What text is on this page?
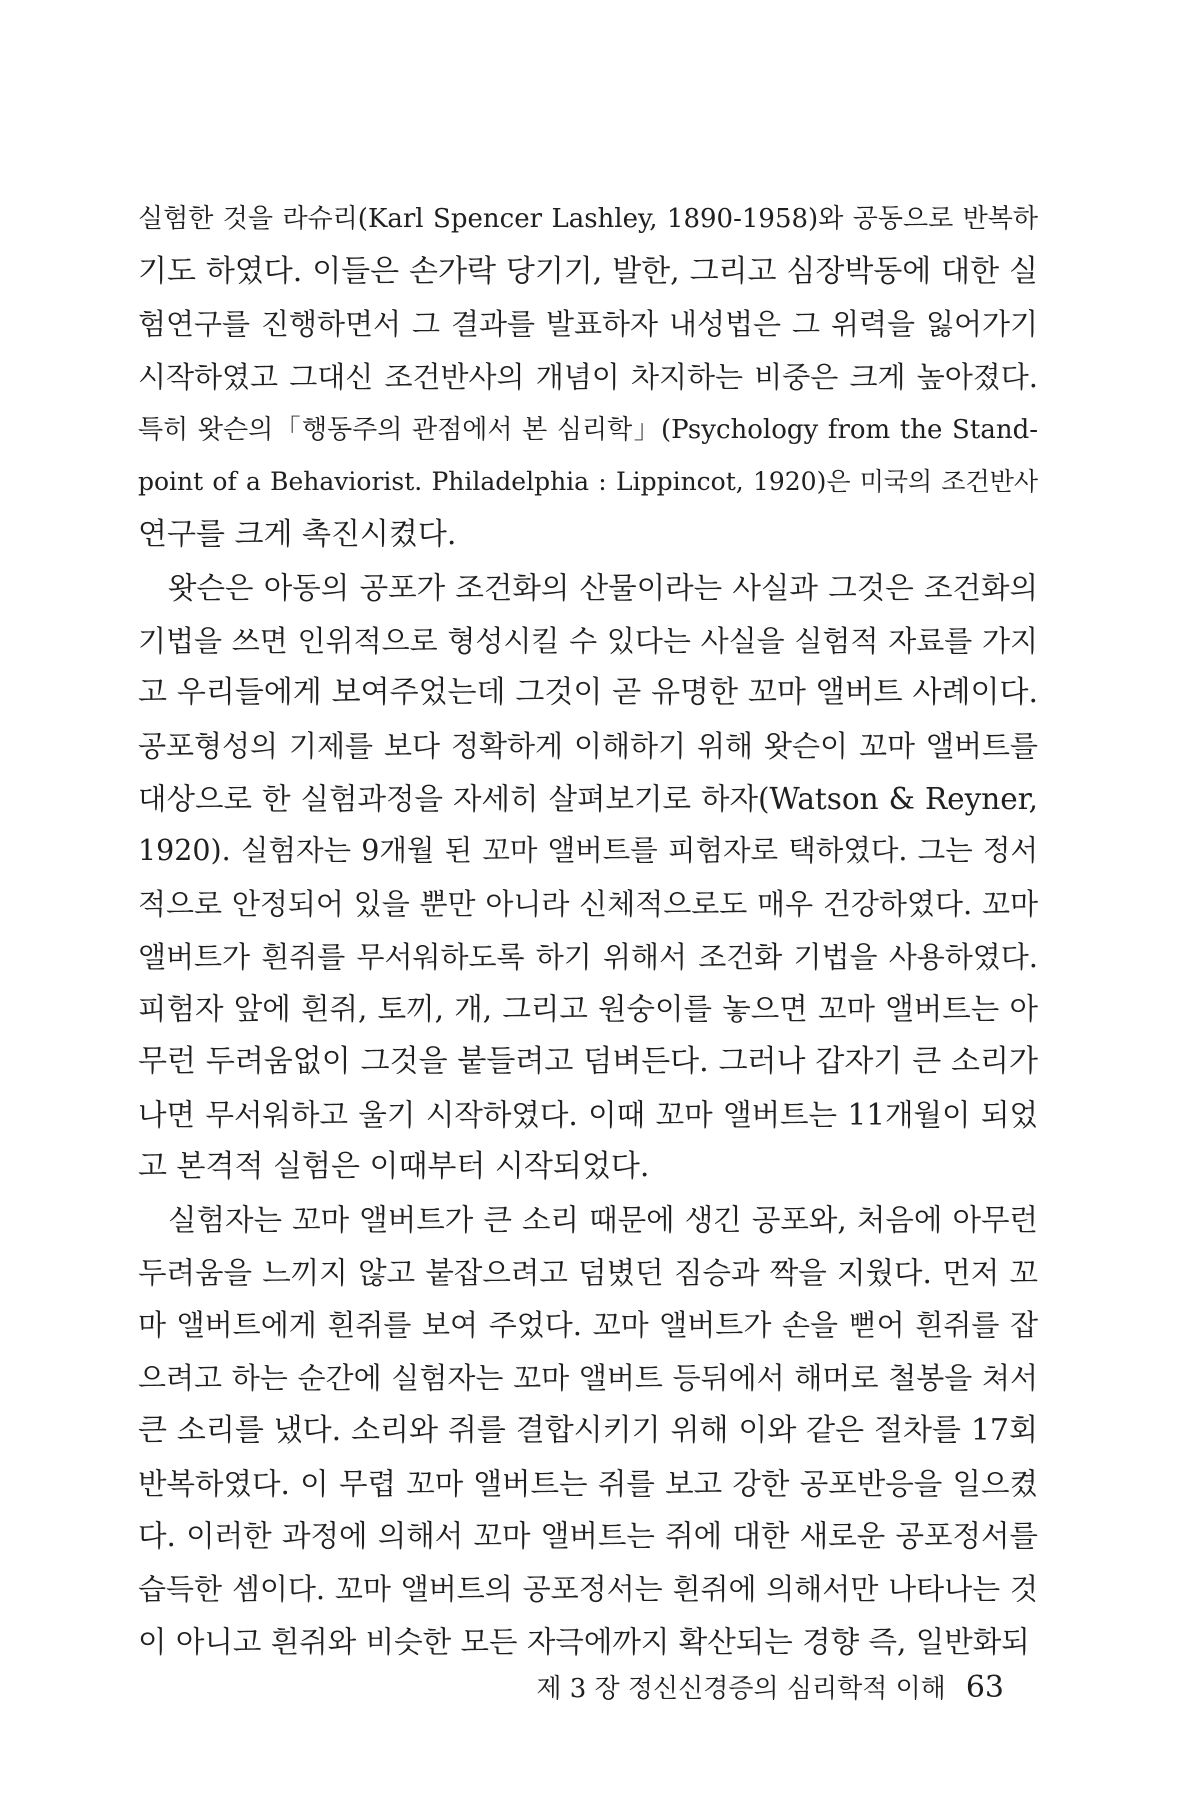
실험한 것을 라슈리(Karl Spencer Lashley, 1890-1958)와 공동으로 반복하
기도 하였다. 이들은 손가락 당기기, 발한, 그리고 심장박동에 대한 실
험연구를 진행하면서 그 결과를 발표하자 내성법은 그 위력을 잃어가기
시작하였고 그대신 조건반사의 개념이 차지하는 비중은 크게 높아졌다.
특히 왓슨의「행동주의 관점에서 본 심리학」(Psychology from the Stand-
point of a Behaviorist. Philadelphia : Lippincot, 1920)은 미국의 조건반사
연구를 크게 촉진시켰다.
왓슨은 아동의 공포가 조건화의 산물이라는 사실과 그것은 조건화의
기법을 쓰면 인위적으로 형성시킬 수 있다는 사실을 실험적 자료를 가지
고 우리들에게 보여주었는데 그것이 곧 유명한 꼬마 앨버트 사례이다.
공포형성의 기제를 보다 정확하게 이해하기 위해 왓슨이 꼬마 앨버트를
대상으로 한 실험과정을 자세히 살펴보기로 하자(Watson & Reyner,
1920). 실험자는 9개월 된 꼬마 앨버트를 피험자로 택하였다. 그는 정서
적으로 안정되어 있을 뿐만 아니라 신체적으로도 매우 건강하였다. 꼬마
앨버트가 흰쥐를 무서워하도록 하기 위해서 조건화 기법을 사용하였다.
피험자 앞에 흰쥐, 토끼, 개, 그리고 원숭이를 놓으면 꼬마 앨버트는 아
무런 두려움없이 그것을 붙들려고 덤벼든다. 그러나 갑자기 큰 소리가
나면 무서워하고 울기 시작하였다. 이때 꼬마 앨버트는 11개월이 되었
고 본격적 실험은 이때부터 시작되었다.
실험자는 꼬마 앨버트가 큰 소리 때문에 생긴 공포와, 처음에 아무런
두려움을 느끼지 않고 붙잡으려고 덤볐던 짐승과 짝을 지웠다. 먼저 꼬
마 앨버트에게 흰쥐를 보여 주었다. 꼬마 앨버트가 손을 뻗어 흰쥐를 잡
으려고 하는 순간에 실험자는 꼬마 앨버트 등뒤에서 해머로 철봉을 쳐서
큰 소리를 냈다. 소리와 쥐를 결합시키기 위해 이와 같은 절차를 17회
반복하였다. 이 무렵 꼬마 앨버트는 쥐를 보고 강한 공포반응을 일으켰
다. 이러한 과정에 의해서 꼬마 앨버트는 쥐에 대한 새로운 공포정서를
습득한 셈이다. 꼬마 앨버트의 공포정서는 흰쥐에 의해서만 나타나는 것
이 아니고 흰쥐와 비슷한 모든 자극에까지 확산되는 경향 즉, 일반화되
제 3 장 정신신경증의 심리학적 이해 63
